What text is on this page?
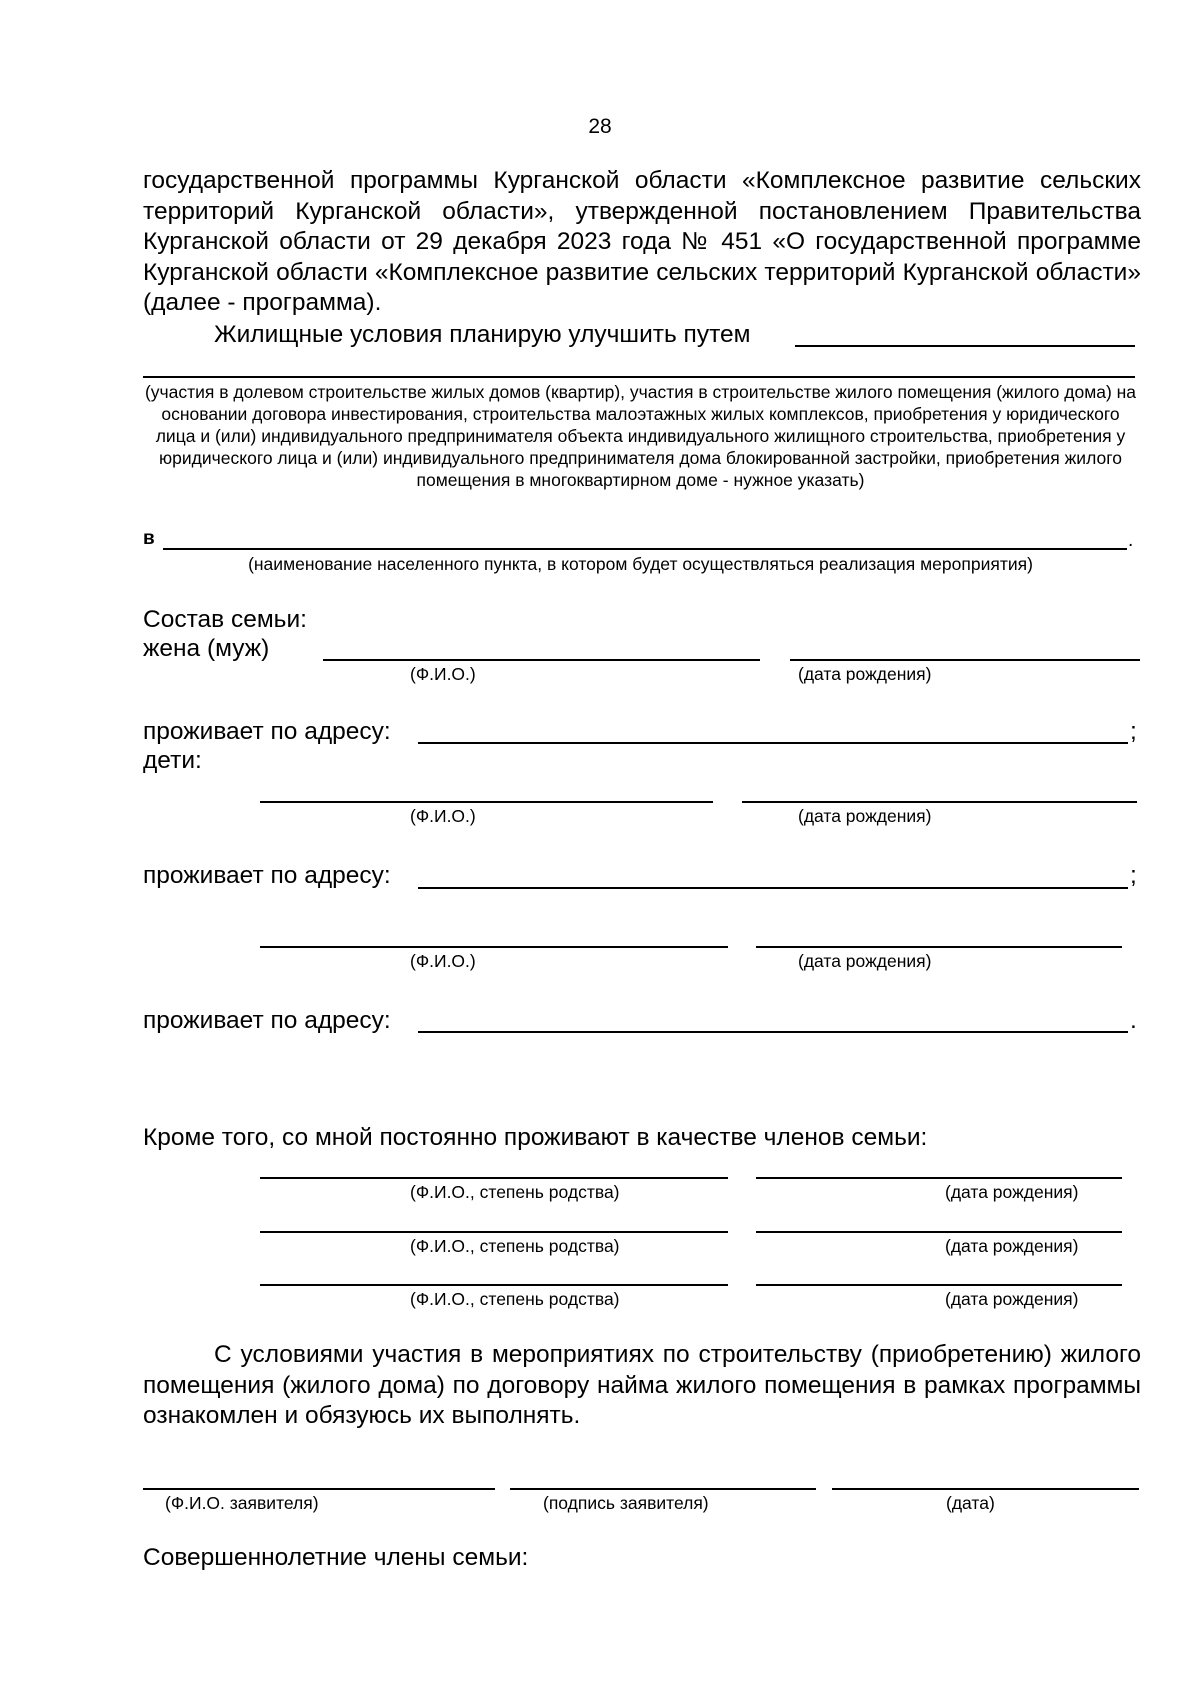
28
государственной программы Курганской области «Комплексное развитие сельских территорий Курганской области», утвержденной постановлением Правительства Курганской области от 29 декабря 2023 года № 451 «О государственной программе Курганской области «Комплексное развитие сельских территорий Курганской области» (далее - программа).
Жилищные условия планирую улучшить путем
(участия в долевом строительстве жилых домов (квартир), участия в строительстве жилого помещения (жилого дома) на основании договора инвестирования, строительства малоэтажных жилых комплексов, приобретения у юридического лица и (или) индивидуального предпринимателя объекта индивидуального жилищного строительства, приобретения у юридического лица и (или) индивидуального предпринимателя дома блокированной застройки, приобретения жилого помещения в многоквартирном доме - нужное указать)
в	.
(наименование населенного пункта, в котором будет осуществляться реализация мероприятия)
Состав семьи:
жена (муж)
(Ф.И.О.)	(дата рождения)
проживает по адресу:	;
дети:
(Ф.И.О.)	(дата рождения)
проживает по адресу:	;
(Ф.И.О.)	(дата рождения)
проживает по адресу:	.
Кроме того, со мной постоянно проживают в качестве членов семьи:
(Ф.И.О., степень родства)	(дата рождения)
(Ф.И.О., степень родства)	(дата рождения)
(Ф.И.О., степень родства)	(дата рождения)
С условиями участия в мероприятиях по строительству (приобретению) жилого помещения (жилого дома) по договору найма жилого помещения в рамках программы ознакомлен и обязуюсь их выполнять.
(Ф.И.О. заявителя)	(подпись заявителя)	(дата)
Совершеннолетние члены семьи:
